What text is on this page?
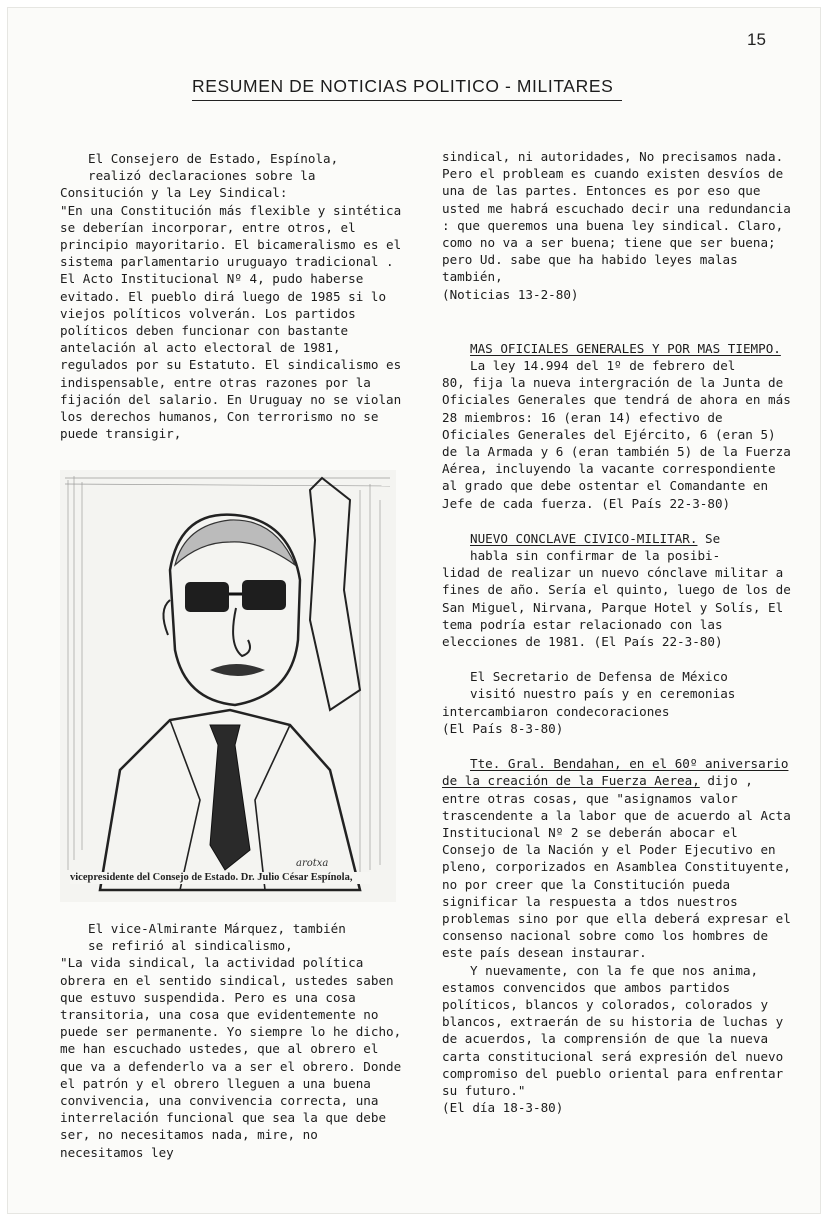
15
RESUMEN DE NOTICIAS POLITICO - MILITARES

El Consejero de Estado, Espínola,

realizó declaraciones sobre la

Consitución y la Ley Sindical:

"En una Constitución más flexible y sintética se deberían incorporar, entre otros, el principio mayoritario. El bicameralismo es el sistema parlamentario uruguayo tradicional . El Acto Institucional Nº 4, pudo haberse evitado. El pueblo dirá luego de 1985 si lo viejos políticos volverán. Los partidos políticos deben funcionar con bastante antelación al acto electoral de 1981, regulados por su Estatuto. El sindicalismo es indispensable, entre otras razones por la fijación del salario. En Uruguay no se violan los derechos humanos, Con terrorismo no se puede transigir,

arotxa
vicepresidente del Consejo de Estado. Dr. Julio César Espínola,

El vice-Almirante Márquez, también

se refirió al sindicalismo,

"La vida sindical, la actividad política obrera en el sentido sindical, ustedes saben que estuvo suspendida. Pero es una cosa transitoria, una cosa que evidentemente no puede ser permanente. Yo siempre lo he dicho, me han escuchado ustedes, que al obrero el que va a defenderlo va a ser el obrero. Donde el patrón y el obrero lleguen a una buena convivencia, una convivencia correcta, una interrelación funcional que sea la que debe ser, no necesitamos nada, mire, no necesitamos ley

sindical, ni autoridades, No precisamos nada. Pero el probleam es cuando existen desvíos de una de las partes. Entonces es por eso que usted me habrá escuchado decir una redundancia : que queremos una buena ley sindical. Claro, como no va a ser buena; tiene que ser buena; pero Ud. sabe que ha habido leyes malas también,

(Noticias 13-2-80)

MAS OFICIALES GENERALES Y POR MAS TIEMPO.

La ley 14.994 del 1º de febrero del

80, fija la nueva intergración de la Junta de Oficiales Generales que tendrá de ahora en más 28 miembros: 16 (eran 14) efectivo de Oficiales Generales del Ejército, 6 (eran 5) de la Armada y 6 (eran también 5) de la Fuerza Aérea, incluyendo la vacante correspondiente al grado que debe ostentar el Comandante en Jefe de cada fuerza. (El País 22-3-80)

NUEVO CONCLAVE CIVICO-MILITAR. Se

habla sin confirmar de la posibi-

lidad de realizar un nuevo cónclave militar a fines de año. Sería el quinto, luego de los de San Miguel, Nirvana, Parque Hotel y Solís, El tema podría estar relacionado con las elecciones de 1981. (El País 22-3-80)

El Secretario de Defensa de México

visitó nuestro país y en ceremonias

intercambiaron condecoraciones

(El País 8-3-80)

Tte. Gral. Bendahan, en el 60º aniversario de la creación de la Fuerza Aerea, dijo , entre otras cosas, que "asignamos valor trascendente a la labor que de acuerdo al Acta Institucional Nº 2 se deberán abocar el Consejo de la Nación y el Poder Ejecutivo en pleno, corporizados en Asamblea Constituyente, no por creer que la Constitución pueda significar la respuesta a tdos nuestros problemas sino por que ella deberá expresar el consenso nacional sobre como los hombres de este país desean instaurar.

Y nuevamente, con la fe que nos anima, estamos convencidos que ambos partidos políticos, blancos y colorados, colorados y blancos, extraerán de su historia de luchas y de acuerdos, la comprensión de que la nueva carta constitucional será expresión del nuevo compromiso del pueblo oriental para enfrentar su futuro."

(El día 18-3-80)
